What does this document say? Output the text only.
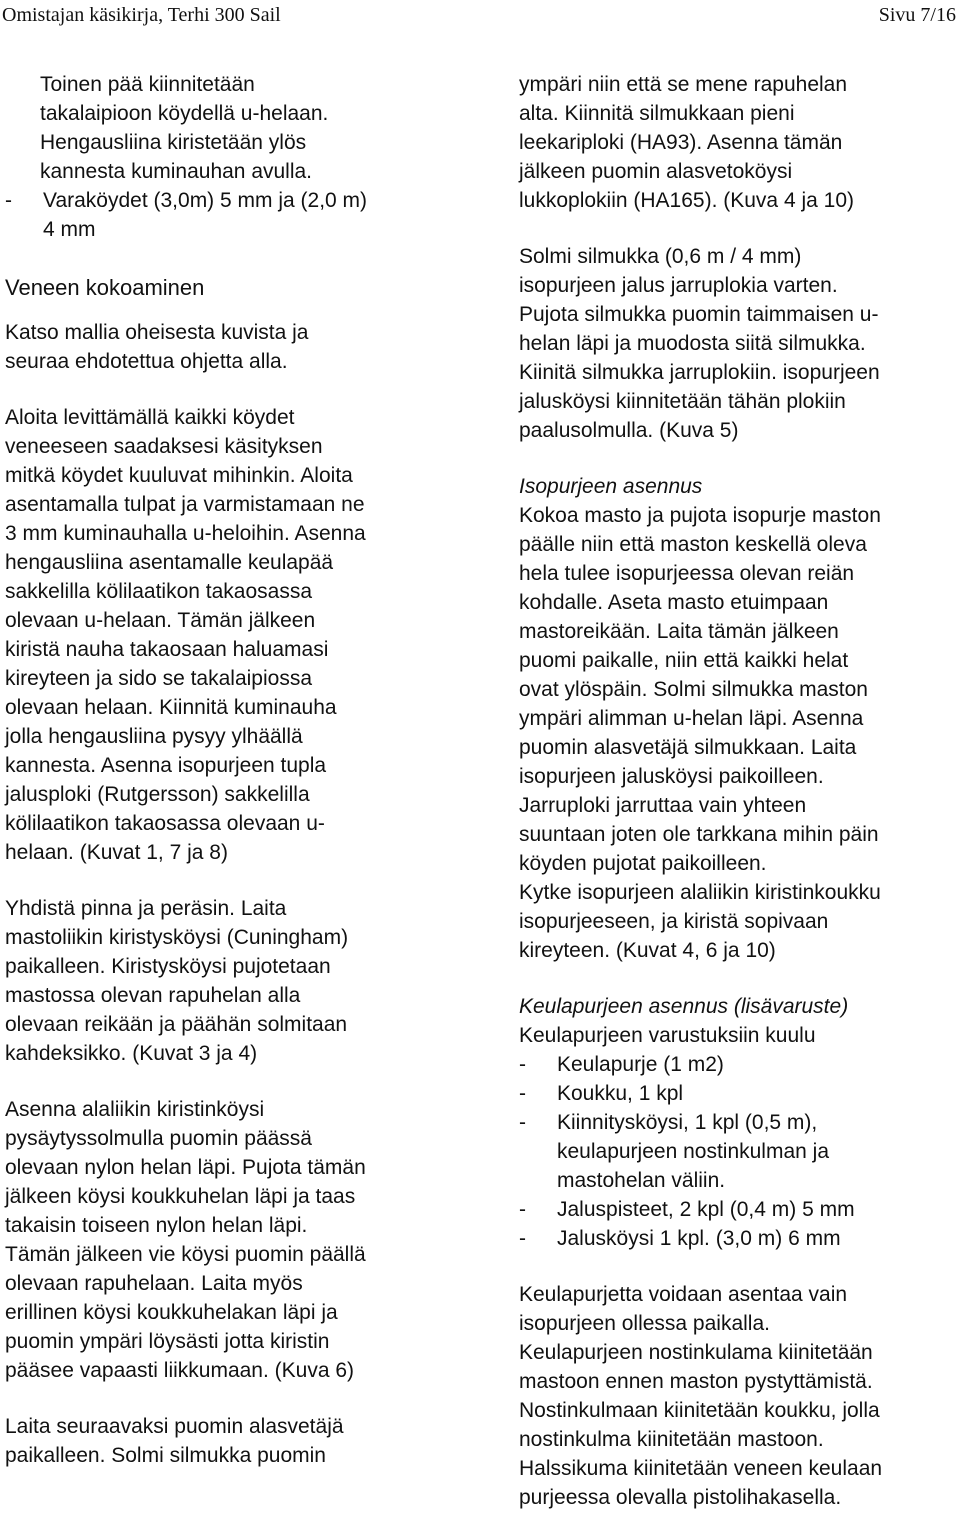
Omistajan käsikirja, Terhi 300 Sail	Sivu 7/16

Toinen pää kiinnitetään
takalaipioon köydellä u-helaan.
Hengausliina kiristetään ylös
kannesta kuminauhan avulla.

-	Varaköydet (3,0m) 5 mm ja (2,0 m)
4 mm

Veneen kokoaminen

Katso mallia oheisesta kuvista ja
seuraa ehdotettua ohjetta alla.

Aloita levittämällä kaikki köydet
veneeseen saadaksesi käsityksen
mitkä köydet kuuluvat mihinkin. Aloita
asentamalla tulpat ja varmistamaan ne
3 mm kuminauhalla u-heloihin. Asenna
hengausliina asentamalle keulapää
sakkelilla kölilaatikon takaosassa
olevaan u-helaan. Tämän jälkeen
kiristä nauha takaosaan haluamasi
kireyteen ja sido se takalaipiossa
olevaan helaan. Kiinnitä kuminauha
jolla hengausliina pysyy ylhäällä
kannesta. Asenna isopurjeen tupla
jalusploki (Rutgersson) sakkelilla
kölilaatikon takaosassa olevaan u-
helaan. (Kuvat 1, 7 ja 8)

Yhdistä pinna ja peräsin. Laita
mastoliikin kiristysköysi (Cuningham)
paikalleen. Kiristysköysi pujotetaan
mastossa olevan rapuhelan alla
olevaan reikään ja päähän solmitaan
kahdeksikko. (Kuvat 3 ja 4)

Asenna alaliikin kiristinköysi
pysäytyssolmulla puomin päässä
olevaan nylon helan läpi. Pujota tämän
jälkeen köysi koukkuhelan läpi ja taas
takaisin toiseen nylon helan läpi.
Tämän jälkeen vie köysi puomin päällä
olevaan rapuhelaan. Laita myös
erillinen köysi koukkuhelakan läpi ja
puomin ympäri löysästi jotta kiristin
pääsee vapaasti liikkumaan. (Kuva 6)

Laita seuraavaksi puomin alasvetäjä
paikalleen. Solmi silmukka puomin

ympäri niin että se mene rapuhelan
alta. Kiinnitä silmukkaan pieni
leekariploki (HA93). Asenna tämän
jälkeen puomin alasvetoköysi
lukkoplokiin (HA165). (Kuva 4 ja 10)

Solmi silmukka (0,6 m / 4 mm)
isopurjeen jalus jarruplokia varten.
Pujota silmukka puomin taimmaisen u-
helan läpi ja muodosta siitä silmukka.
Kiinitä silmukka jarruplokiin. isopurjeen
jalusköysi kiinnitetään tähän plokiin
paalusolmulla. (Kuva 5)

Isopurjeen asennus

Kokoa masto ja pujota isopurje maston
päälle niin että maston keskellä oleva
hela tulee isopurjeessa olevan reiän
kohdalle. Aseta masto etuimpaan
mastoreikään. Laita tämän jälkeen
puomi paikalle, niin että kaikki helat
ovat ylöspäin. Solmi silmukka maston
ympäri alimman u-helan läpi. Asenna
puomin alasvetäjä silmukkaan. Laita
isopurjeen jalusköysi paikoilleen.
Jarruploki jarruttaa vain yhteen
suuntaan joten ole tarkkana mihin päin
köyden pujotat paikoilleen.
Kytke isopurjeen alaliikin kiristinkoukku
isopurjeeseen, ja kiristä sopivaan
kireyteen. (Kuvat 4, 6 ja 10)

Keulapurjeen asennus (lisävaruste)

Keulapurjeen varustuksiin kuulu

-	Keulapurje (1 m2)
-	Koukku, 1 kpl
-	Kiinnitysköysi, 1 kpl (0,5 m),
keulapurjeen nostinkulman ja
mastohelan väliin.
-	Jaluspisteet, 2 kpl (0,4 m) 5 mm
-	Jalusköysi 1 kpl. (3,0 m) 6 mm

Keulapurjetta voidaan asentaa vain
isopurjeen ollessa paikalla.
Keulapurjeen nostinkulama kiinitetään
mastoon ennen maston pystyttämistä.
Nostinkulmaan kiinitetään koukku, jolla
nostinkulma kiinitetään mastoon.
Halssikuma kiinitetään veneen keulaan
purjeessa olevalla pistolihakasella.
